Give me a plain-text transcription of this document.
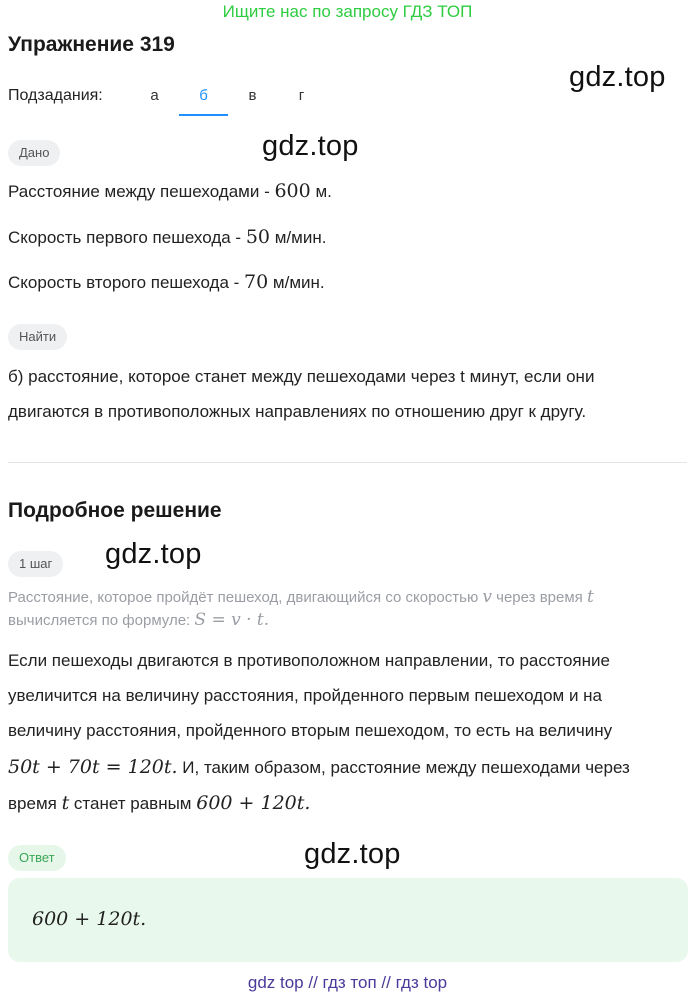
Ищите нас по запросу ГДЗ ТОП
Упражнение 319
gdz.top
Подзадания:	а	б	в	г
Дано	gdz.top
Расстояние между пешеходами - 600 м.
Скорость первого пешехода - 50 м/мин.
Скорость второго пешехода - 70 м/мин.
Найти
б) расстояние, которое станет между пешеходами через t минут, если они
двигаются в противоположных направлениях по отношению друг к другу.
Подробное решение
1 шаг	gdz.top
Расстояние, которое пройдёт пешеход, двигающийся со скоростью v через время t
вычисляется по формуле: S = v · t.
Если пешеходы двигаются в противоположном направлении, то расстояние
увеличится на величину расстояния, пройденного первым пешеходом и на
величину расстояния, пройденного вторым пешеходом, то есть на величину
50t + 70t = 120t. И, таким образом, расстояние между пешеходами через
время t станет равным 600 + 120t.
Ответ	gdz.top
600 + 120t.
gdz top // гдз топ // гдз top
